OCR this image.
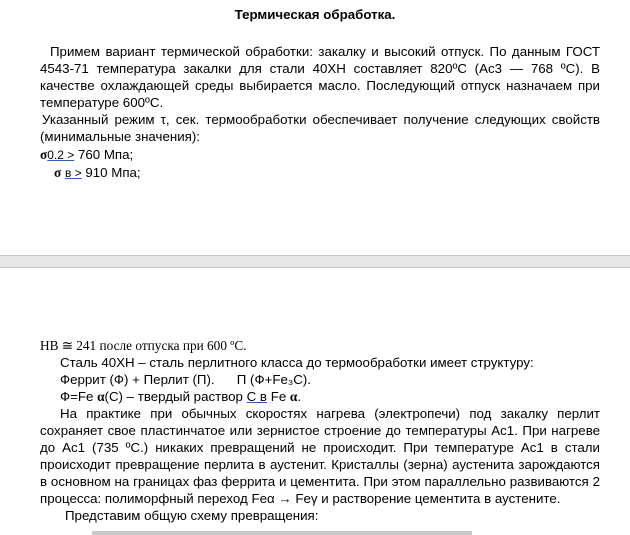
Термическая обработка.

Примем вариант термической обработки: закалку и высокий отпуск. По данным ГОСТ 4543-71 температура закалки для стали 40ХН составляет 820ºC (Ас3 — 768 ºC). В качестве охлаждающей среды выбирается масло. Последующий отпуск назначаем при температуре 600ºС.

Указанный режим τ, сек. термообработки обеспечивает получение следующих свойств (минимальные значения):

σ0.2 > 760 Мпа;

σ в > 910 Мпа;

HB ≅ 241 после отпуска при 600 ºC.

Сталь 40ХН – сталь перлитного класса до термообработки имеет структуру:

Феррит (Ф) + Перлит (П). П (Ф+Fe₃C).

Ф=Fe α(С) – твердый раствор C в Fe α.

На практике при обычных скоростях нагрева (электропечи) под закалку перлит сохраняет свое пластинчатое или зернистое строение до температуры Ас1. При нагреве до Ас1 (735 ºС.) никаких превращений не происходит. При температуре Ас1 в стали происходит превращение перлита в аустенит. Кристаллы (зерна) аустенита зарождаются в основном на границах фаз феррита и цементита. При этом параллельно развиваются 2 процесса: полиморфный переход Feα → Feγ и растворение цементита в аустените.

Представим общую схему превращения:
